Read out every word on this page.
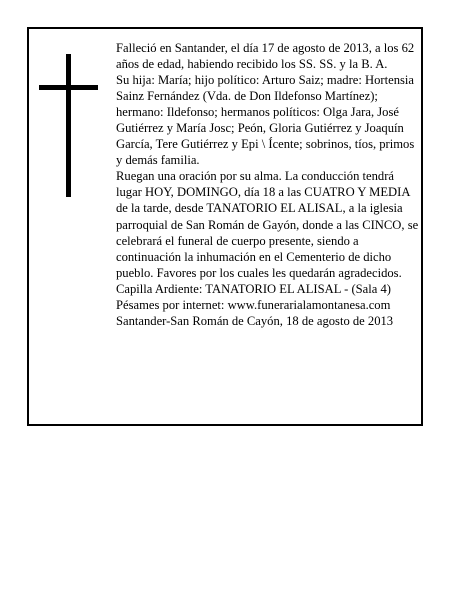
Falleció en Santander, el día 17 de agosto de 2013, a los 62 años de edad, habiendo recibido los SS. SS. y la B. A.

Su hija: María; hijo político: Arturo Saiz; madre: Hortensia Sainz Fernández (Vda. de Don Ildefonso Martínez); hermano: Ildefonso; hermanos políticos: Olga Jara, José Gutiérrez y María Josc; Peón, Gloria Gutiérrez y Joaquín García, Tere Gutiérrez y Epi \ Ícente; sobrinos, tíos, primos y demás familia.

Ruegan una oración por su alma. La conducción tendrá lugar HOY, DOMINGO, día 18 a las CUATRO Y MEDIA de la tarde, desde TANATORIO EL ALISAL, a la iglesia parroquial de San Román de Gayón, donde a las CINCO, se celebrará el funeral de cuerpo presente, siendo a continuación la inhumación en el Cementerio de dicho pueblo. Favores por los cuales les quedarán agradecidos. Capilla Ardiente: TANATORIO EL ALISAL - (Sala 4)

Pésames por internet: www.funerarialamontanesa.com

Santander-San Román de Cayón, 18 de agosto de 2013
